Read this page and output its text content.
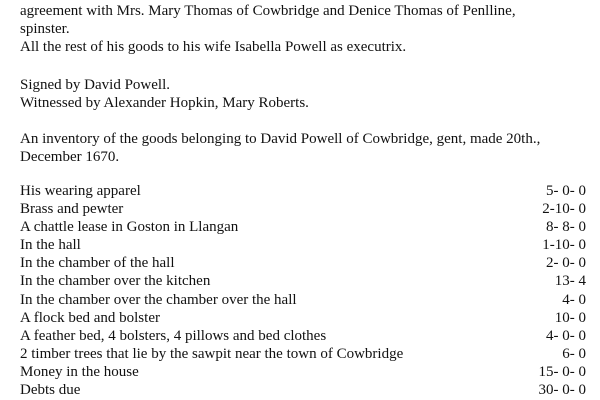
agreement with Mrs. Mary Thomas of Cowbridge and Denice Thomas of Penlline,
spinster.
All the rest of his goods to his wife Isabella Powell as executrix.
Signed by David Powell.
Witnessed by Alexander Hopkin, Mary Roberts.
An inventory of the goods belonging to David Powell of Cowbridge, gent, made 20th.,
December 1670.
His wearing apparel	5- 0- 0
Brass and pewter	2-10- 0
A chattle lease in Goston in Llangan	8- 8- 0
In the hall	1-10- 0
In the chamber of the hall	2- 0- 0
In the chamber over the kitchen	13- 4
In the chamber over the chamber over the hall	4- 0
A flock bed and bolster	10- 0
A feather bed, 4 bolsters, 4 pillows and bed clothes	4- 0- 0
2 timber trees that lie by the sawpit near the town of Cowbridge	6- 0
Money in the house	15- 0- 0
Debts due	30- 0- 0
